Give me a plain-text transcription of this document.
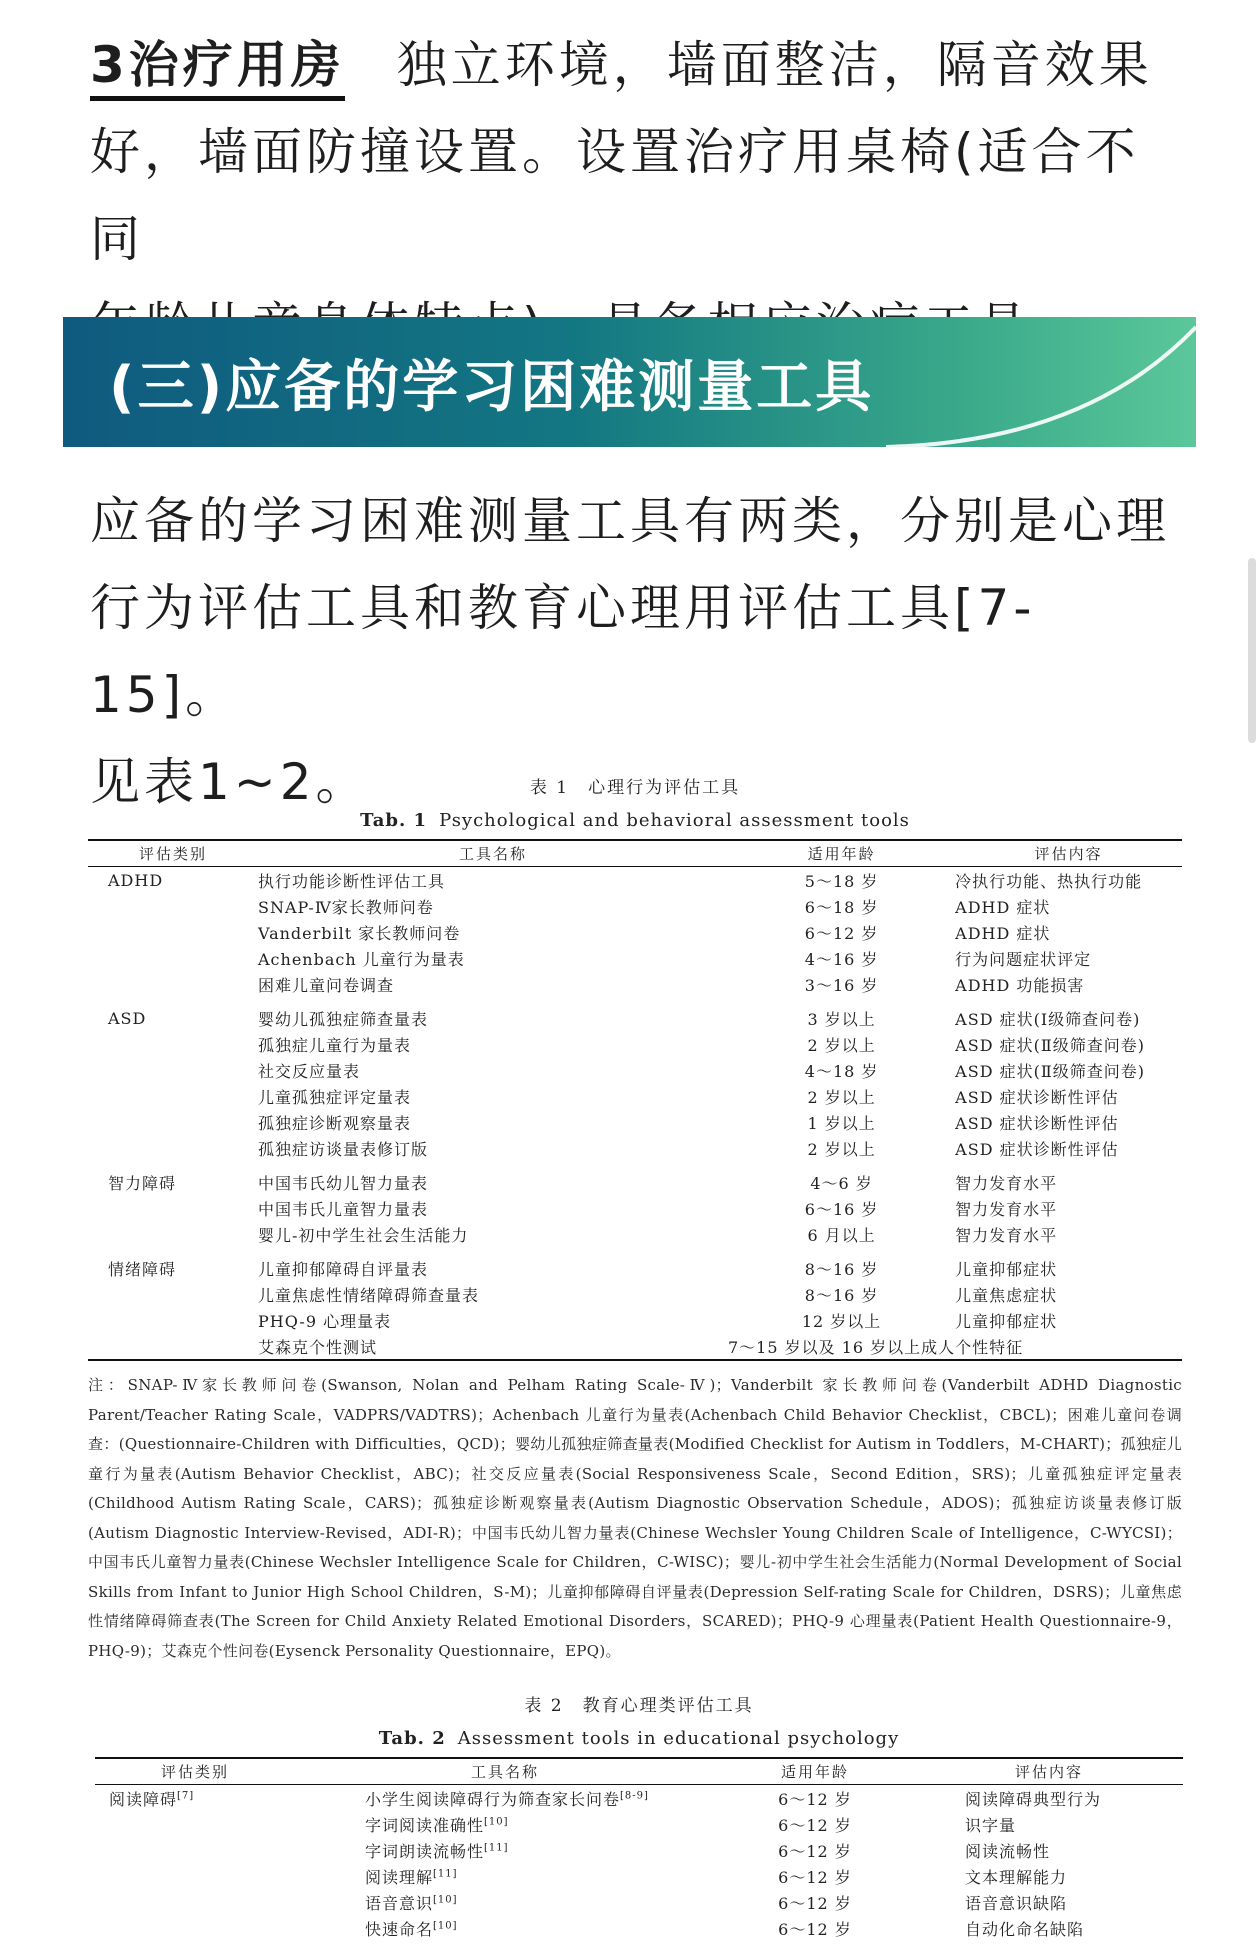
3治疗用房 独立环境，墙面整洁，隔音效果

好，墙面防撞设置。设置治疗用桌椅(适合不同

(三)应备的学习困难测量工具

应备的学习困难测量工具有两类，分别是心理

行为评估工具和教育心理用评估工具[7-15]。

见表1~2。	表 1　心理行为评估工具
Tab. 1 Psychological and behavioral assessment tools
评估类别	工具名称	适用年龄	评估内容
ADHD	执行功能诊断性评估工具	5～18 岁	冷执行功能、热执行功能
	SNAP-Ⅳ家长教师问卷	6～18 岁	ADHD 症状
	Vanderbilt 家长教师问卷	6～12 岁	ADHD 症状
	Achenbach 儿童行为量表	4～16 岁	行为问题症状评定
	困难儿童问卷调查	3～16 岁	ADHD 功能损害
ASD	婴幼儿孤独症筛查量表	3 岁以上	ASD 症状(Ⅰ级筛查问卷)
	孤独症儿童行为量表	2 岁以上	ASD 症状(Ⅱ级筛查问卷)
	社交反应量表	4～18 岁	ASD 症状(Ⅱ级筛查问卷)
	儿童孤独症评定量表	2 岁以上	ASD 症状诊断性评估
	孤独症诊断观察量表	1 岁以上	ASD 症状诊断性评估
	孤独症访谈量表修订版	2 岁以上	ASD 症状诊断性评估
智力障碍	中国韦氏幼儿智力量表	4～6 岁	智力发育水平
	中国韦氏儿童智力量表	6～16 岁	智力发育水平
	婴儿-初中学生社会生活能力	6 月以上	智力发育水平
情绪障碍	儿童抑郁障碍自评量表	8～16 岁	儿童抑郁症状
	儿童焦虑性情绪障碍筛查量表	8～16 岁	儿童焦虑症状
	PHQ-9 心理量表	12 岁以上	儿童抑郁症状
	艾森克个性测试	7～15 岁以及 16 岁以上成人	个性特征
注：SNAP-Ⅳ家长教师问卷(Swanson, Nolan and Pelham Rating Scale-Ⅳ)；Vanderbilt 家长教师问卷(Vanderbilt ADHD Diagnostic Parent/Teacher Rating Scale，VADPRS/VADTRS)；Achenbach 儿童行为量表(Achenbach Child Behavior Checklist，CBCL)；困难儿童问卷调查：(Questionnaire-Children with Difficulties，QCD)；婴幼儿孤独症筛查量表(Modified Checklist for Autism in Toddlers，M-CHART)；孤独症儿童行为量表(Autism Behavior Checklist，ABC)；社交反应量表(Social Responsiveness Scale，Second Edition，SRS)；儿童孤独症评定量表(Childhood Autism Rating Scale，CARS)；孤独症诊断观察量表(Autism Diagnostic Observation Schedule，ADOS)；孤独症访谈量表修订版(Autism Diagnostic Interview-Revised，ADI-R)；中国韦氏幼儿智力量表(Chinese Wechsler Young Children Scale of Intelligence，C-WYCSI)；中国韦氏儿童智力量表(Chinese Wechsler Intelligence Scale for Children，C-WISC)；婴儿-初中学生社会生活能力(Normal Development of Social Skills from Infant to Junior High School Children，S-M)；儿童抑郁障碍自评量表(Depression Self-rating Scale for Children，DSRS)；儿童焦虑性情绪障碍筛查表(The Screen for Child Anxiety Related Emotional Disorders，SCARED)；PHQ-9 心理量表(Patient Health Questionnaire-9，PHQ-9)；艾森克个性问卷(Eysenck Personality Questionnaire，EPQ)。
表 2　教育心理类评估工具
Tab. 2 Assessment tools in educational psychology
评估类别	工具名称	适用年龄	评估内容
阅读障碍[7]	小学生阅读障碍行为筛查家长问卷[8-9]	6～12 岁	阅读障碍典型行为
	字词阅读准确性[10]	6～12 岁	识字量
	字词朗读流畅性[11]	6～12 岁	阅读流畅性
	阅读理解[11]	6～12 岁	文本理解能力
	语音意识[10]	6～12 岁	语音意识缺陷
	快速命名[10]	6～12 岁	自动化命名缺陷
